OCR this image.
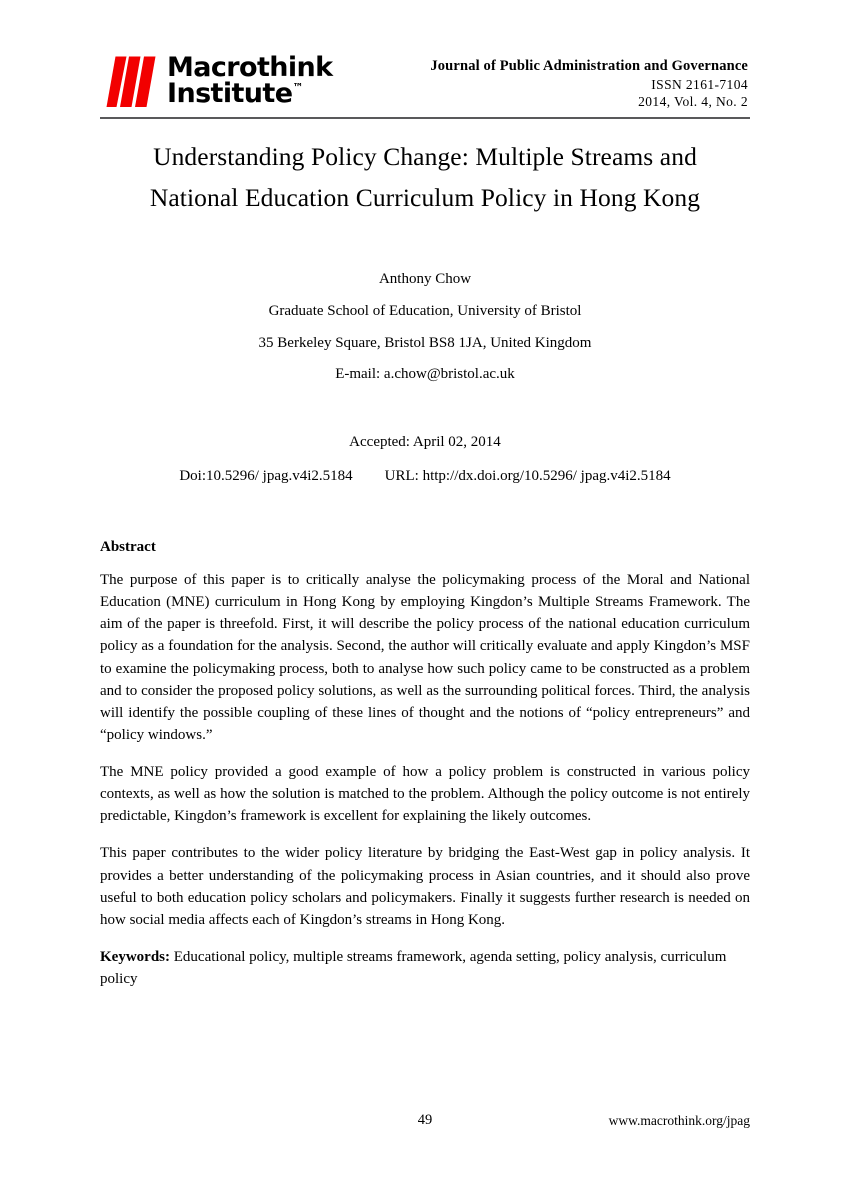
Macrothink
Institute™
Journal of Public Administration and Governance
ISSN 2161-7104
2014, Vol. 4, No. 2
Understanding Policy Change: Multiple Streams and
National Education Curriculum Policy in Hong Kong
Anthony Chow
Graduate School of Education, University of Bristol
35 Berkeley Square, Bristol BS8 1JA, United Kingdom
E-mail: a.chow@bristol.ac.uk
Accepted: April 02, 2014
Doi:10.5296/ jpag.v4i2.5184 URL: http://dx.doi.org/10.5296/ jpag.v4i2.5184
Abstract

The purpose of this paper is to critically analyse the policymaking process of the Moral and National Education (MNE) curriculum in Hong Kong by employing Kingdon’s Multiple Streams Framework. The aim of the paper is threefold. First, it will describe the policy process of the national education curriculum policy as a foundation for the analysis. Second, the author will critically evaluate and apply Kingdon’s MSF to examine the policymaking process, both to analyse how such policy came to be constructed as a problem and to consider the proposed policy solutions, as well as the surrounding political forces. Third, the analysis will identify the possible coupling of these lines of thought and the notions of “policy entrepreneurs” and “policy windows.”

The MNE policy provided a good example of how a policy problem is constructed in various policy contexts, as well as how the solution is matched to the problem. Although the policy outcome is not entirely predictable, Kingdon’s framework is excellent for explaining the likely outcomes.

This paper contributes to the wider policy literature by bridging the East-West gap in policy analysis. It provides a better understanding of the policymaking process in Asian countries, and it should also prove useful to both education policy scholars and policymakers. Finally it suggests further research is needed on how social media affects each of Kingdon’s streams in Hong Kong.

Keywords: Educational policy, multiple streams framework, agenda setting, policy analysis, curriculum policy

49	www.macrothink.org/jpag
